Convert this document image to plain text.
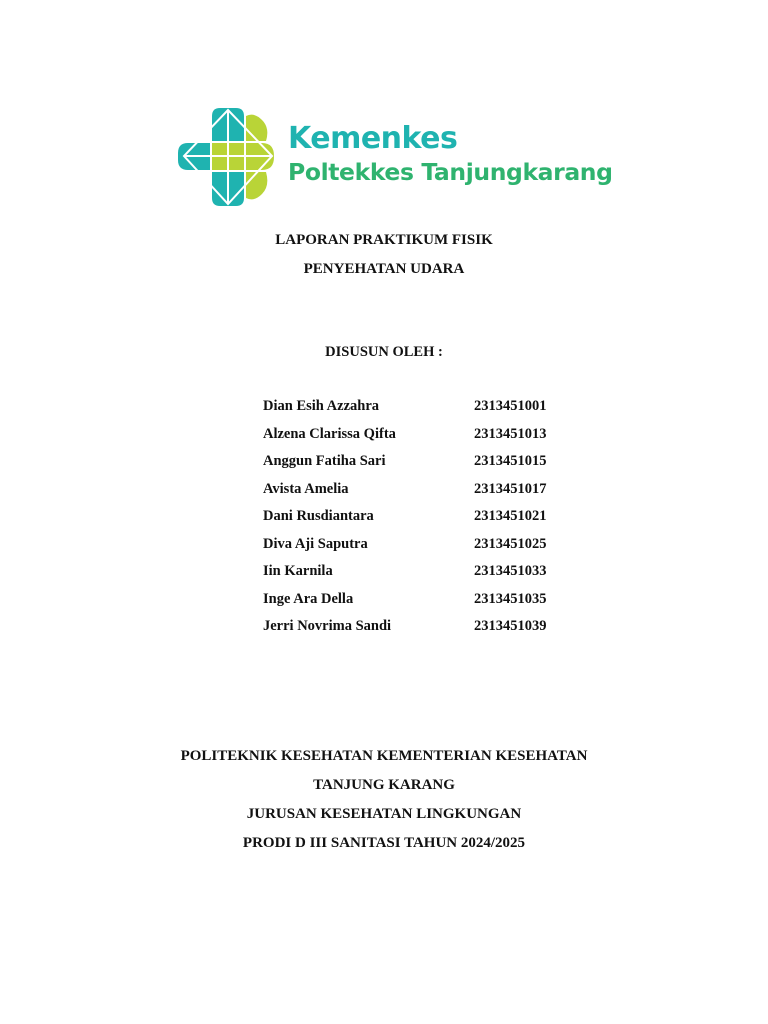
Kemenkes
Poltekkes Tanjungkarang
LAPORAN PRAKTIKUM FISIK
PENYEHATAN UDARA
DISUSUN OLEH :
Dian Esih Azzahra	2313451001
Alzena Clarissa Qifta	2313451013
Anggun Fatiha Sari	2313451015
Avista Amelia	2313451017
Dani Rusdiantara	2313451021
Diva Aji Saputra	2313451025
Iin Karnila	2313451033
Inge Ara Della	2313451035
Jerri Novrima Sandi	2313451039
POLITEKNIK KESEHATAN KEMENTERIAN KESEHATAN
TANJUNG KARANG
JURUSAN KESEHATAN LINGKUNGAN
PRODI D III SANITASI TAHUN 2024/2025
